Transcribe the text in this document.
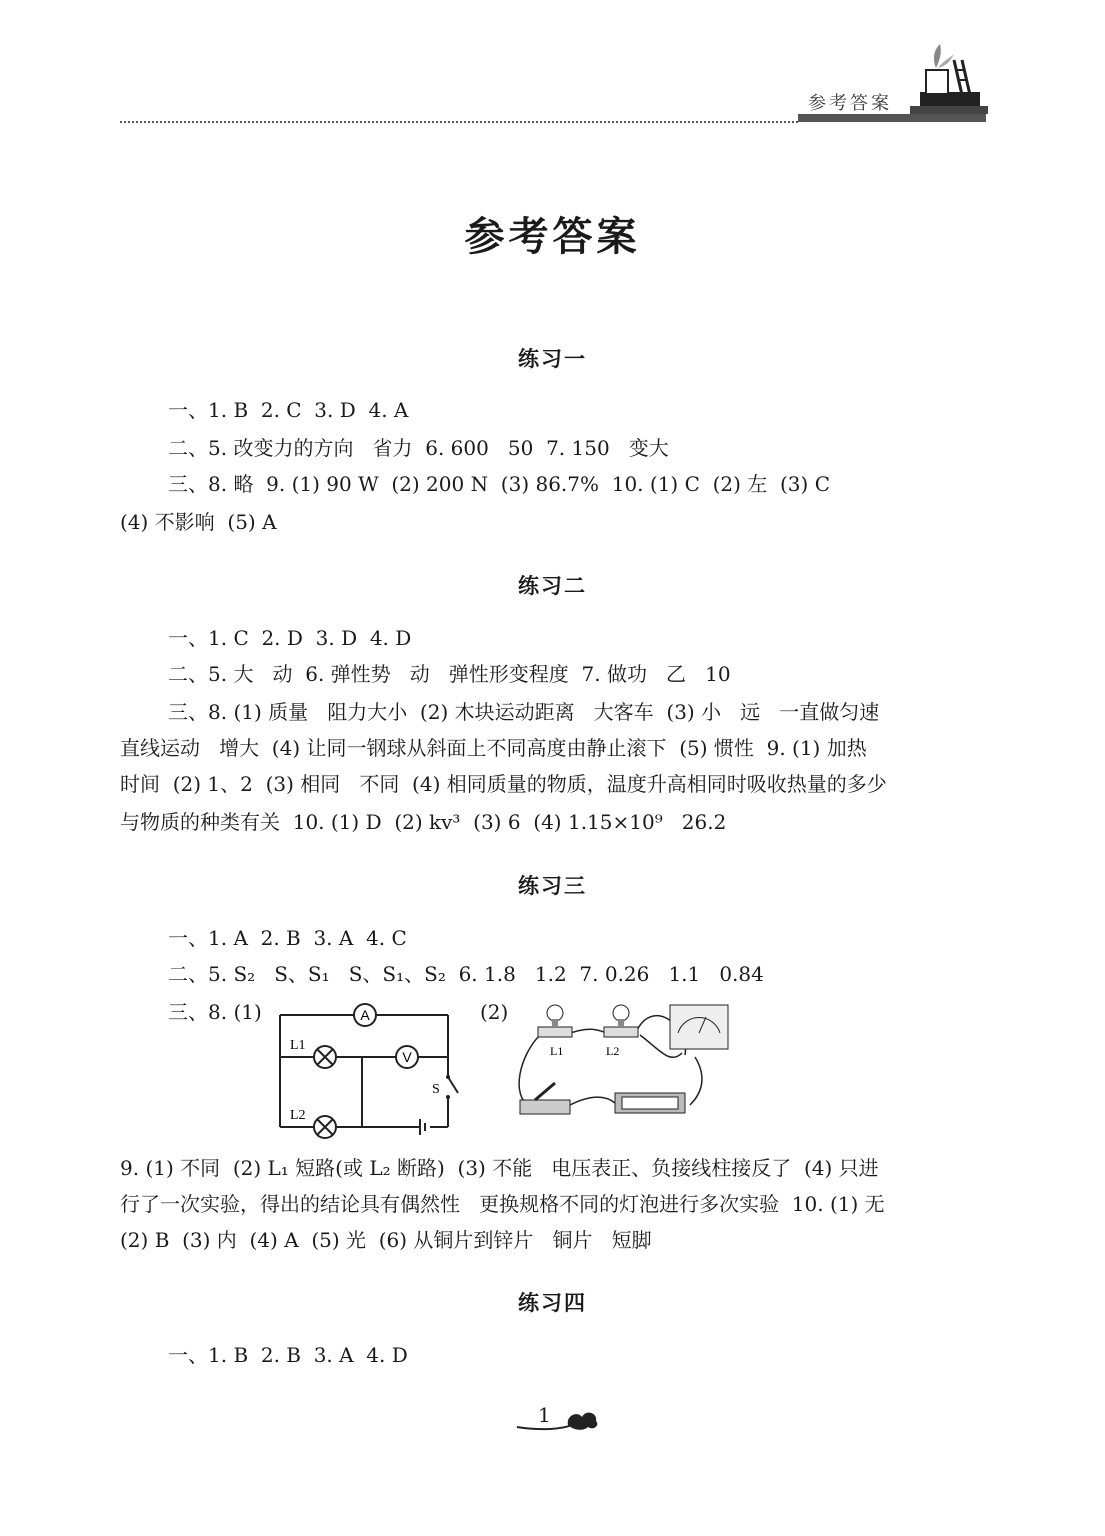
参考答案
参考答案
练习一
一、1. B  2. C  3. D  4. A
二、5. 改变力的方向   省力  6. 600   50  7. 150   变大
三、8. 略  9. (1) 90 W  (2) 200 N  (3) 86.7%  10. (1) C  (2) 左  (3) C
(4) 不影响  (5) A
练习二
一、1. C  2. D  3. D  4. D
二、5. 大   动  6. 弹性势   动   弹性形变程度  7. 做功   乙   10
三、8. (1) 质量   阻力大小  (2) 木块运动距离   大客车  (3) 小   远   一直做匀速
直线运动   增大  (4) 让同一钢球从斜面上不同高度由静止滚下  (5) 惯性  9. (1) 加热
时间  (2) 1、2  (3) 相同   不同  (4) 相同质量的物质，温度升高相同时吸收热量的多少
与物质的种类有关  10. (1) D  (2) kv³  (3) 6  (4) 1.15×10⁹   26.2
练习三
一、1. A  2. B  3. A  4. C
二、5. S₂   S、S₁   S、S₁、S₂  6. 1.8   1.2  7. 0.26   1.1   0.84
三、8. (1)	(2)
A
V
L1
L2
S
L1	L2
9. (1) 不同  (2) L₁ 短路(或 L₂ 断路)  (3) 不能   电压表正、负接线柱接反了  (4) 只进
行了一次实验，得出的结论具有偶然性   更换规格不同的灯泡进行多次实验  10. (1) 无
(2) B  (3) 内  (4) A  (5) 光  (6) 从铜片到锌片   铜片   短脚
练习四
一、1. B  2. B  3. A  4. D
1
